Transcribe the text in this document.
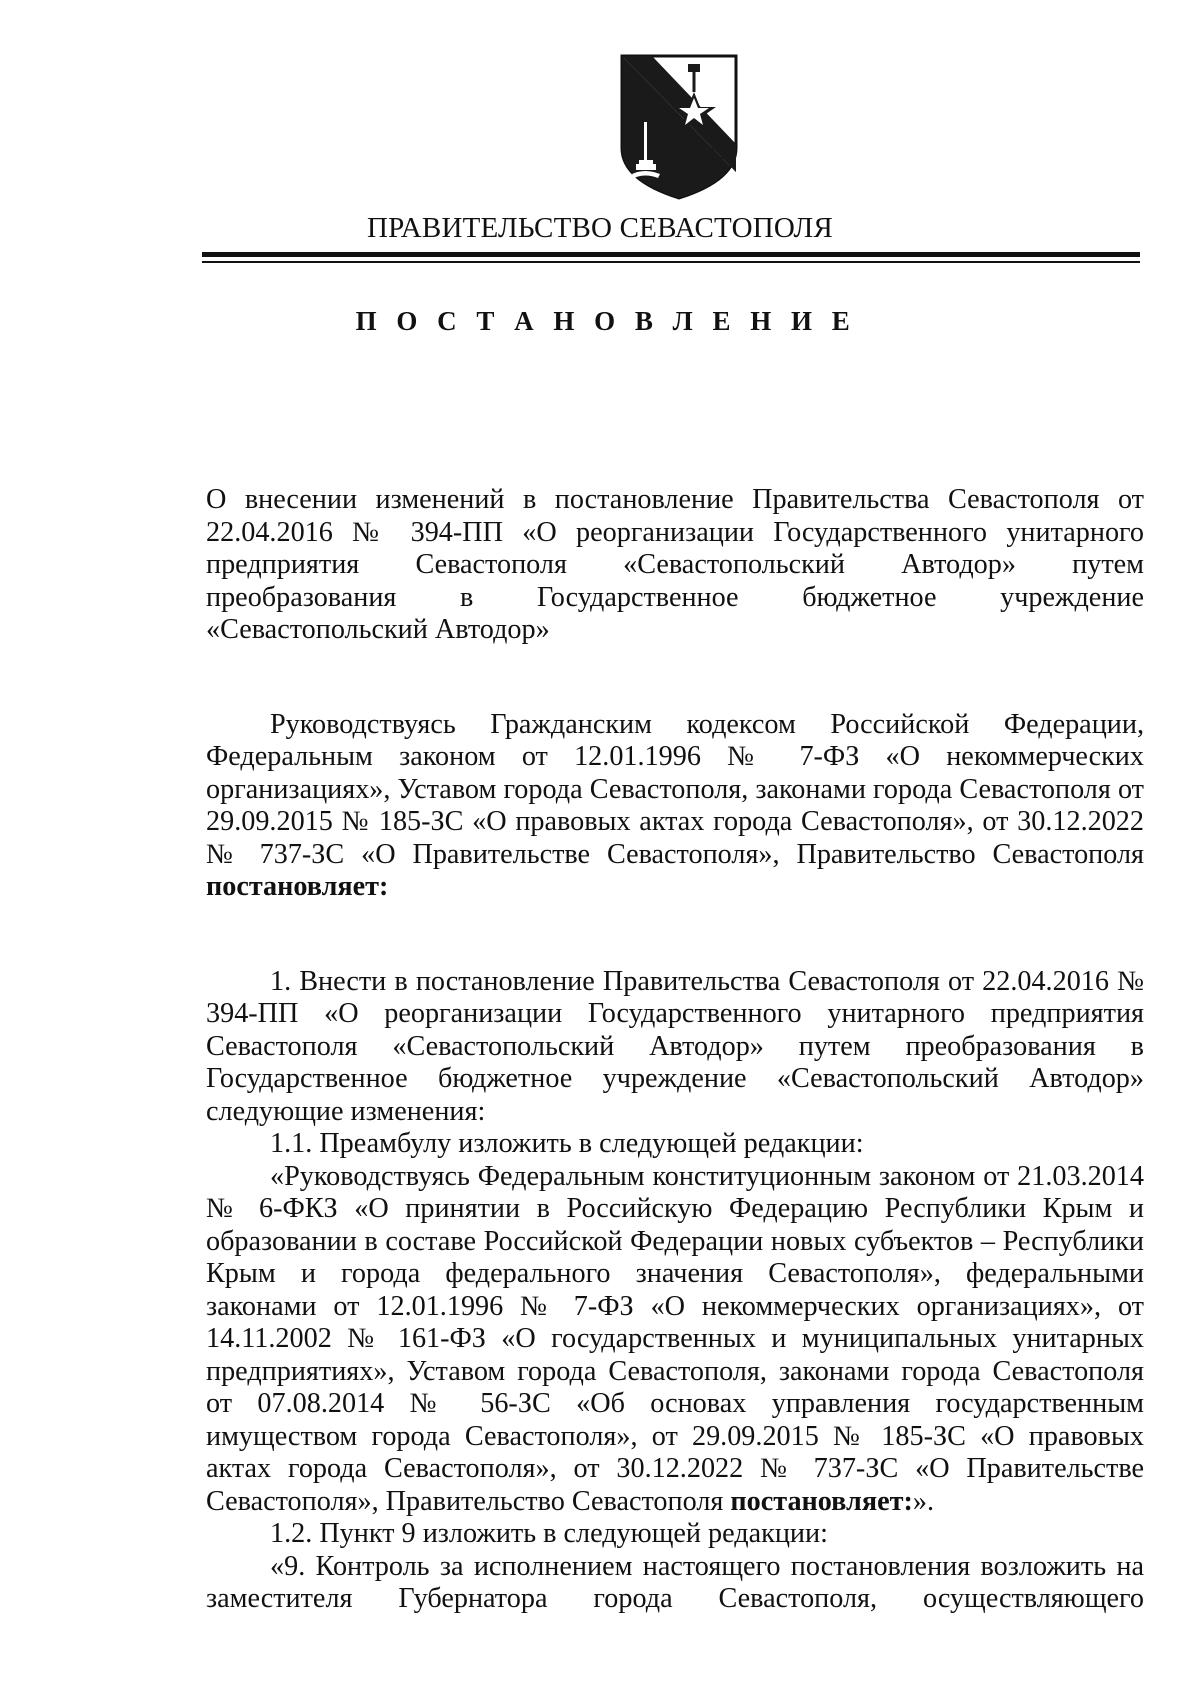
ПРАВИТЕЛЬСТВО СЕВАСТОПОЛЯ
П О С Т А Н О В Л Е Н И Е

О внесении изменений в постановление Правительства Севастополя от 22.04.2016 № 394-ПП «О реорганизации Государственного унитарного предприятия Севастополя «Севастопольский Автодор» путем преобразования в Государственное бюджетное учреждение «Севастопольский Автодор»

Руководствуясь Гражданским кодексом Российской Федерации, Федеральным законом от 12.01.1996 № 7-ФЗ «О некоммерческих организациях», Уставом города Севастополя, законами города Севастополя от 29.09.2015 № 185-ЗС «О правовых актах города Севастополя», от 30.12.2022 № 737-ЗС «О Правительстве Севастополя», Правительство Севастополя постановляет:

1. Внести в постановление Правительства Севастополя от 22.04.2016 № 394-ПП «О реорганизации Государственного унитарного предприятия Севастополя «Севастопольский Автодор» путем преобразования в Государственное бюджетное учреждение «Севастопольский Автодор» следующие изменения:

1.1. Преамбулу изложить в следующей редакции:

«Руководствуясь Федеральным конституционным законом от 21.03.2014 № 6-ФКЗ «О принятии в Российскую Федерацию Республики Крым и образовании в составе Российской Федерации новых субъектов – Республики Крым и города федерального значения Севастополя», федеральными законами от 12.01.1996 № 7-ФЗ «О некоммерческих организациях», от 14.11.2002 № 161-ФЗ «О государственных и муниципальных унитарных предприятиях», Уставом города Севастополя, законами города Севастополя от 07.08.2014 № 56-ЗС «Об основах управления государственным имуществом города Севастополя», от 29.09.2015 № 185-ЗС «О правовых актах города Севастополя», от 30.12.2022 № 737-ЗС «О Правительстве Севастополя», Правительство Севастополя постановляет:».

1.2. Пункт 9 изложить в следующей редакции:

«9. Контроль за исполнением настоящего постановления возложить на заместителя Губернатора города Севастополя, осуществляющего
